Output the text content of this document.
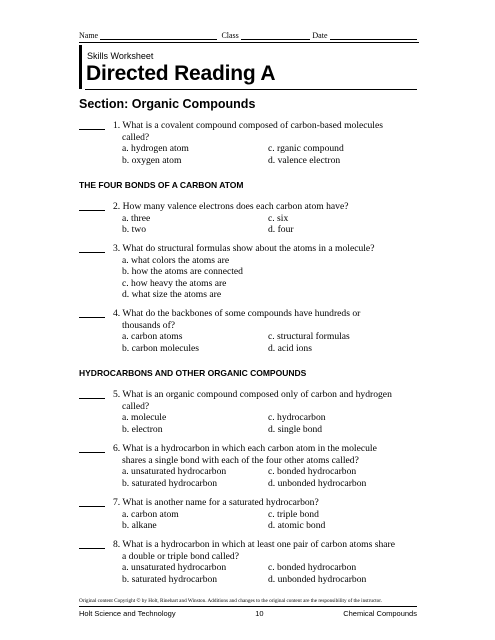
Name	Class	Date
Skills Worksheet
Directed Reading A
Section: Organic Compounds
1. What is a covalent compound composed of carbon-based molecules
called?
a. hydrogen atom	c. rganic compound
b. oxygen atom	d. valence electron
THE FOUR BONDS OF A CARBON ATOM
2. How many valence electrons does each carbon atom have?
a. three	c. six
b. two	d. four
3. What do structural formulas show about the atoms in a molecule?
a. what colors the atoms are
b. how the atoms are connected
c. how heavy the atoms are
d. what size the atoms are
4. What do the backbones of some compounds have hundreds or
thousands of?
a. carbon atoms	c. structural formulas
b. carbon molecules	d. acid ions
HYDROCARBONS AND OTHER ORGANIC COMPOUNDS
5. What is an organic compound composed only of carbon and hydrogen
called?
a. molecule	c. hydrocarbon
b. electron	d. single bond
6. What is a hydrocarbon in which each carbon atom in the molecule
shares a single bond with each of the four other atoms called?
a. unsaturated hydrocarbon	c. bonded hydrocarbon
b. saturated hydrocarbon	d. unbonded hydrocarbon
7. What is another name for a saturated hydrocarbon?
a. carbon atom	c. triple bond
b. alkane	d. atomic bond
8. What is a hydrocarbon in which at least one pair of carbon atoms share
a double or triple bond called?
a. unsaturated hydrocarbon	c. bonded hydrocarbon
b. saturated hydrocarbon	d. unbonded hydrocarbon
Original content Copyright © by Holt, Rinehart and Winston. Additions and changes to the original content are the responsibility of the instructor.
Holt Science and Technology	10	Chemical Compounds
